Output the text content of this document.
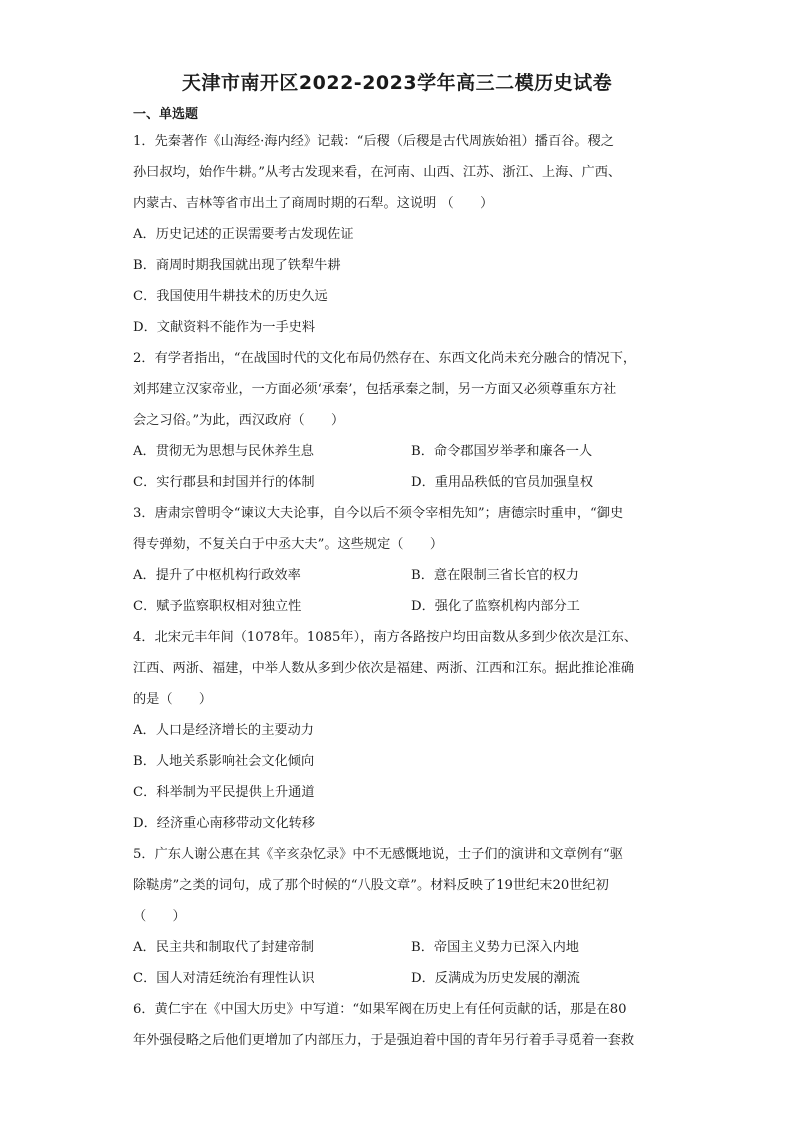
天津市南开区2022-2023学年高三二模历史试卷
一、单选题
1．先秦著作《山海经·海内经》记载：“后稷（后稷是古代周族始祖）播百谷。稷之
孙曰叔均，始作牛耕。”从考古发现来看，在河南、山西、江苏、浙江、上海、广西、
内蒙古、吉林等省市出土了商周时期的石犁。这说明 （　　）
A．历史记述的正误需要考古发现佐证
B．商周时期我国就出现了铁犁牛耕
C．我国使用牛耕技术的历史久远
D．文献资料不能作为一手史料
2．有学者指出，“在战国时代的文化布局仍然存在、东西文化尚未充分融合的情况下，
刘邦建立汉家帝业，一方面必须‘承秦’，包括承秦之制，另一方面又必须尊重东方社
会之习俗。”为此，西汉政府（　　）
A．贯彻无为思想与民休养生息	B．命令郡国岁举孝和廉各一人
C．实行郡县和封国并行的体制	D．重用品秩低的官员加强皇权
3．唐肃宗曾明令“谏议大夫论事，自今以后不须令宰相先知”；唐德宗时重申，“御史
得专弹劾，不复关白于中丞大夫”。这些规定（　　）
A．提升了中枢机构行政效率	B．意在限制三省长官的权力
C．赋予监察职权相对独立性	D．强化了监察机构内部分工
4．北宋元丰年间（1078年。1085年），南方各路按户均田亩数从多到少依次是江东、
江西、两浙、福建，中举人数从多到少依次是福建、两浙、江西和江东。据此推论准确
的是（　　）
A．人口是经济增长的主要动力
B．人地关系影响社会文化倾向
C．科举制为平民提供上升通道
D．经济重心南移带动文化转移
5．广东人谢公惠在其《辛亥杂忆录》中不无感慨地说，士子们的演讲和文章例有“驱
除鞑虏”之类的词句，成了那个时候的“八股文章”。材料反映了19世纪末20世纪初
（　　）
A．民主共和制取代了封建帝制	B．帝国主义势力已深入内地
C．国人对清廷统治有理性认识	D．反满成为历史发展的潮流
6．黄仁宇在《中国大历史》中写道：“如果军阀在历史上有任何贡献的话，那是在80
年外强侵略之后他们更增加了内部压力，于是强迫着中国的青年另行着手寻觅着一套救
